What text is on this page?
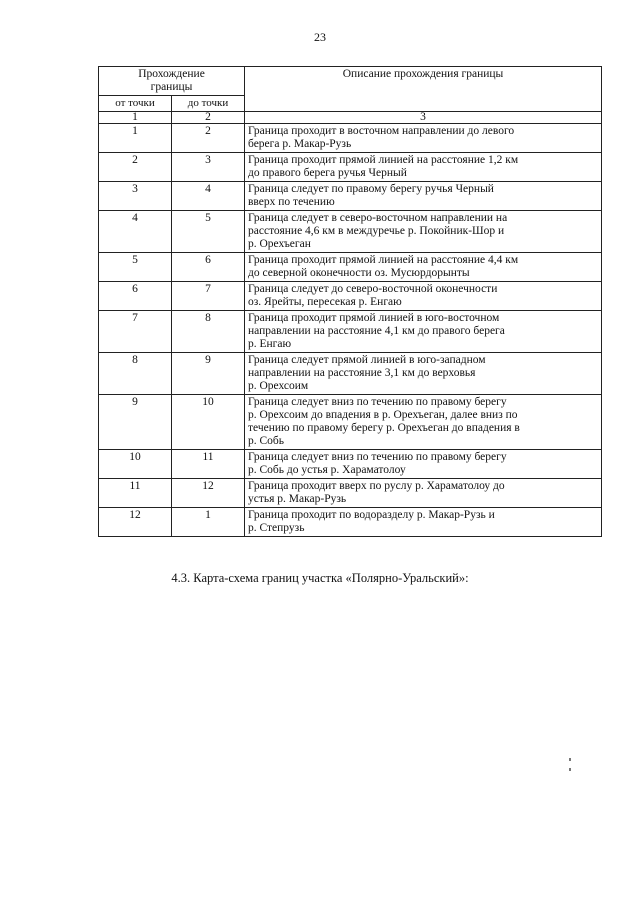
23
Прохождение
границы		Описание прохождения границы
от точки	до точки	
1	2	3
1	2	Граница проходит в восточном направлении до левого
берега р. Макар-Рузь

2	3	Граница проходит прямой линией на расстояние 1,2 км
до правого берега ручья Черный

3	4	Граница следует по правому берегу ручья Черный
вверх по течению

4	5	Граница следует в северо-восточном направлении на
расстояние 4,6 км в междуречье р. Покойник-Шор и
р. Орехъеган

5	6	Граница проходит прямой линией на расстояние 4,4 км
до северной оконечности оз. Мусюрдорынты

6	7	Граница следует до северо-восточной оконечности
оз. Ярейты, пересекая р. Енгаю

7	8	Граница проходит прямой линией в юго-восточном
направлении на расстояние 4,1 км до правого берега
р. Енгаю

8	9	Граница следует прямой линией в юго-западном
направлении на расстояние 3,1 км до верховья
р. Орехсоим

9	10	Граница следует вниз по течению по правому берегу
р. Орехсоим до впадения в р. Орехъеган, далее вниз по
течению по правому берегу р. Орехъеган до впадения в
р. Собь

10	11	Граница следует вниз по течению по правому берегу
р. Собь до устья р. Хараматолоу

11	12	Граница проходит вверх по руслу р. Хараматолоу до
устья р. Макар-Рузь

12	1	Граница проходит по водоразделу р. Макар-Рузь и
р. Степрузь
4.3. Карта-схема границ участка «Полярно-Уральский»:
